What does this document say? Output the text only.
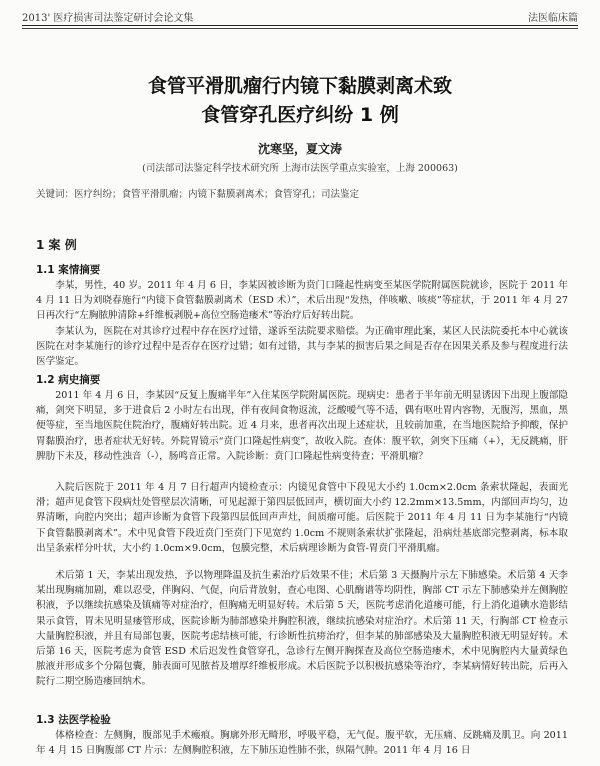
2013' 医疗损害司法鉴定研讨会论文集	法医临床篇
食管平滑肌瘤行内镜下黏膜剥离术致
食管穿孔医疗纠纷 1 例
沈寒坚，夏文涛
(司法部司法鉴定科学技术研究所 上海市法医学重点实验室，上海 200063)
关键词：医疗纠纷；食管平滑肌瘤；内镜下黏膜剥离术；食管穿孔；司法鉴定
1 案 例
1.1 案情摘要

李某，男性，40 岁。2011 年 4 月 6 日，李某因被诊断为贲门口隆起性病变至某医学院附属医院就诊，医院于 2011 年 4 月 11 日为刘晓春施行“内镜下食管黏膜剥离术（ESD 术）”，术后出现“发热，伴咳嗽、咳痰”等症状，于 2011 年 4 月 27 日再次行“左胸脓肿清除+纤维板剥脱+高位空肠造瘘术”等治疗后好转出院。

李某认为，医院在对其诊疗过程中存在医疗过错，遂诉至法院要求赔偿。为正确审理此案，某区人民法院委托本中心就该医院在对李某施行的诊疗过程中是否存在医疗过错；如有过错，其与李某的损害后果之间是否存在因果关系及参与程度进行法医学鉴定。

1.2 病史摘要

2011 年 4 月 6 日，李某因“反复上腹痛半年”入住某医学院附属医院。现病史：患者于半年前无明显诱因下出现上腹部隐痛，剑突下明显，多于进食后 2 小时左右出现，伴有夜间食物返流，泛酸嗳气等不适，偶有呕吐胃内容物，无腹泻，黑血，黑便等症，至当地医院住院治疗，腹痛好转出院。近 4 月来，患者再次出现上述症状，且较前加重，在当地医院给予抑酸，保护胃黏膜治疗，患者症状无好转。外院胃镜示“贲门口隆起性病变”，故收入院。查体：腹平软，剑突下压痛（+），无反跳痛，肝脾肋下未及，移动性浊音（-），肠鸣音正常。入院诊断：贲门口隆起性病变待查；平滑肌瘤？

入院后医院于 2011 年 4 月 7 日行超声内镜检查示：内镜见食管中下段见大小约 1.0cm×2.0cm 条索状隆起，表面光滑；超声见食管下段病灶处管壁层次清晰，可见起源于第四层低回声，横切面大小约 12.2mm×13.5mm，内部回声均匀，边界清晰，向腔内突出；超声诊断为食管下段第四层低回声声灶，间质瘤可能。后医院于 2011 年 4 月 11 日为李某施行“内镜下食管黏膜剥离术”。术中见食管下段近贲门至贲门下见宽约 1.0cm 不规则条索状扩张隆起，沿病灶基底部完整剥离，标本取出呈条索样分叶状，大小约 1.0cm×9.0cm，包膜完整，术后病理诊断为食管-胃贲门平滑肌瘤。

术后第 1 天，李某出现发热，予以物理降温及抗生素治疗后效果不佳；术后第 3 天摄胸片示左下肺感染。术后第 4 天李某出现胸痛加剧，难以忍受，伴胸闷、气促，向后背放射，查心电图、心肌酶谱等均阴性，胸部 CT 示左下肺感染并左侧胸腔积液，予以继续抗感染及镇痛等对症治疗，但胸痛无明显好转。术后第 5 天，医院考虑消化道瘘可能，行上消化道碘水造影结果示食管，胃未见明显瘘管形成，医院诊断为肺部感染并胸腔积液，继续抗感染对症治疗。术后第 11 天，行胸部 CT 检查示大量胸腔积液，并且有局部包裹，医院考虑结核可能，行诊断性抗痨治疗，但李某的肺部感染及大量胸腔积液无明显好转。术后第 16 天，医院考虑为食管 ESD 术后迟发性食管穿孔，急诊行左侧开胸探查及高位空肠造瘘术，术中见胸腔内大量黄绿色脓液并形成多个分隔包囊，肺表面可见脓苔及增厚纤维板形成。术后医院予以积极抗感染等治疗，李某病情好转出院，后再入院行二期空肠造瘘回纳术。

1.3 法医学检验

体格检查：左侧胸，腹部见手术瘢痕。胸廓外形无畸形，呼吸平稳，无气促。腹平软，无压痛、反跳痛及肌卫。向 2011 年 4 月 15 日胸腹部 CT 片示：左侧胸腔积液，左下肺压迫性肺不张，纵隔气肿。2011 年 4 月 16 日
